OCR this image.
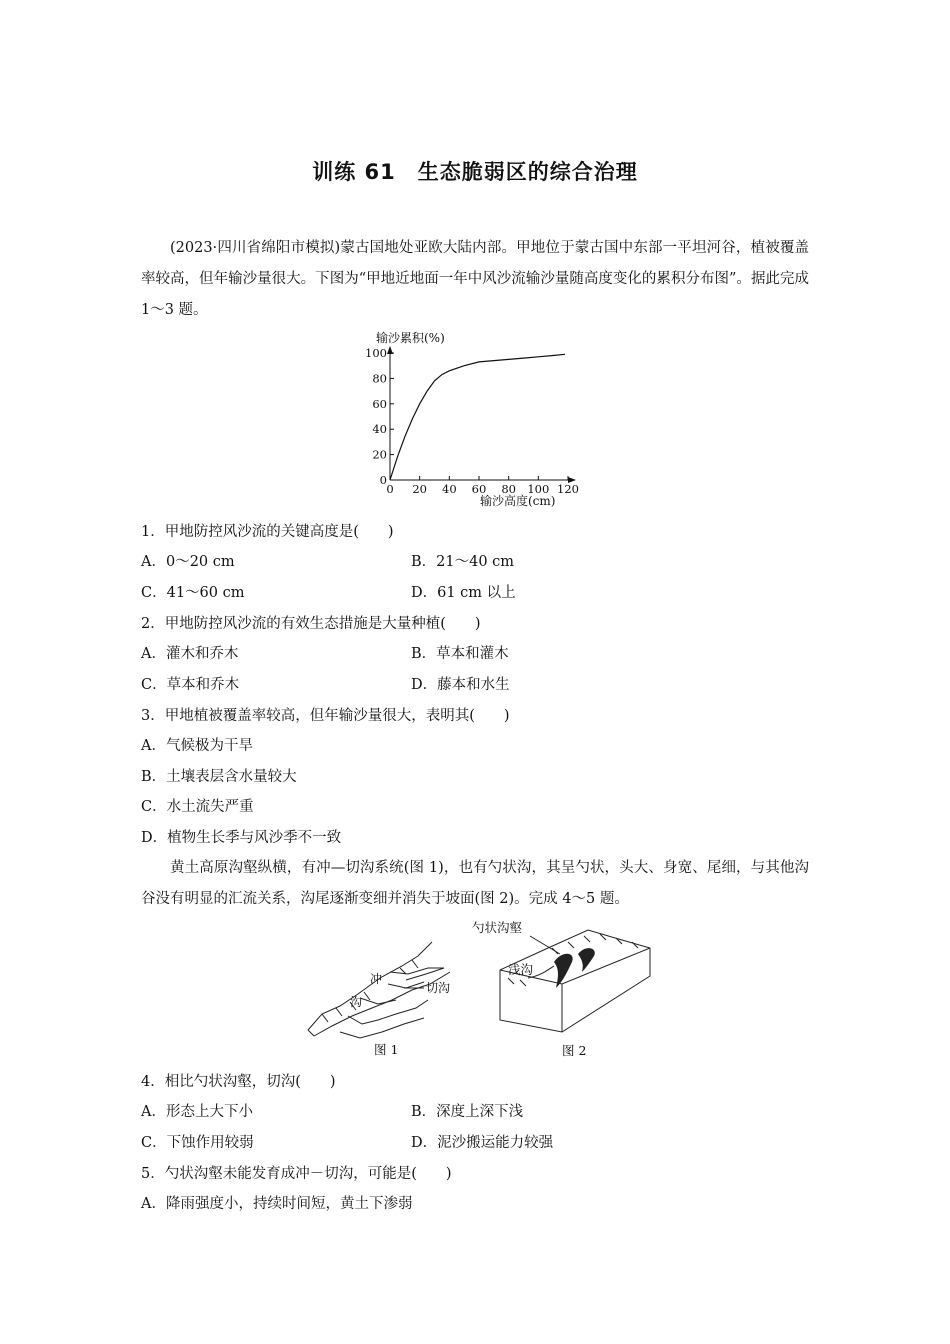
训练 61　生态脆弱区的综合治理
(2023·四川省绵阳市模拟)蒙古国地处亚欧大陆内部。甲地位于蒙古国中东部一平坦河谷，植被覆盖率较高，但年输沙量很大。下图为“甲地近地面一年中风沙流输沙量随高度变化的累积分布图”。据此完成 1～3 题。
输沙累积(%)
输沙高度(cm)
0
20
40
60
80
100
0 20 40 60 80 100 120
1．甲地防控风沙流的关键高度是(　　)
A．0～20 cm	B．21～40 cm
C．41～60 cm	D．61 cm 以上
2．甲地防控风沙流的有效生态措施是大量种植(　　)
A．灌木和乔木	B．草本和灌木
C．草本和乔木	D．藤本和水生
3．甲地植被覆盖率较高，但年输沙量很大，表明其(　　)
A．气候极为干旱
B．土壤表层含水量较大
C．水土流失严重
D．植物生长季与风沙季不一致
黄土高原沟壑纵横，有冲—切沟系统(图 1)，也有勺状沟，其呈勺状，头大、身宽、尾细，与其他沟谷没有明显的汇流关系，沟尾逐渐变细并消失于坡面(图 2)。完成 4～5 题。
冲
沟
切沟
图 1
勺状沟壑
浅沟
图 2
4．相比勺状沟壑，切沟(　　)
A．形态上大下小	B．深度上深下浅
C．下蚀作用较弱	D．泥沙搬运能力较强
5．勺状沟壑未能发育成冲－切沟，可能是(　　)
A．降雨强度小，持续时间短，黄土下渗弱
